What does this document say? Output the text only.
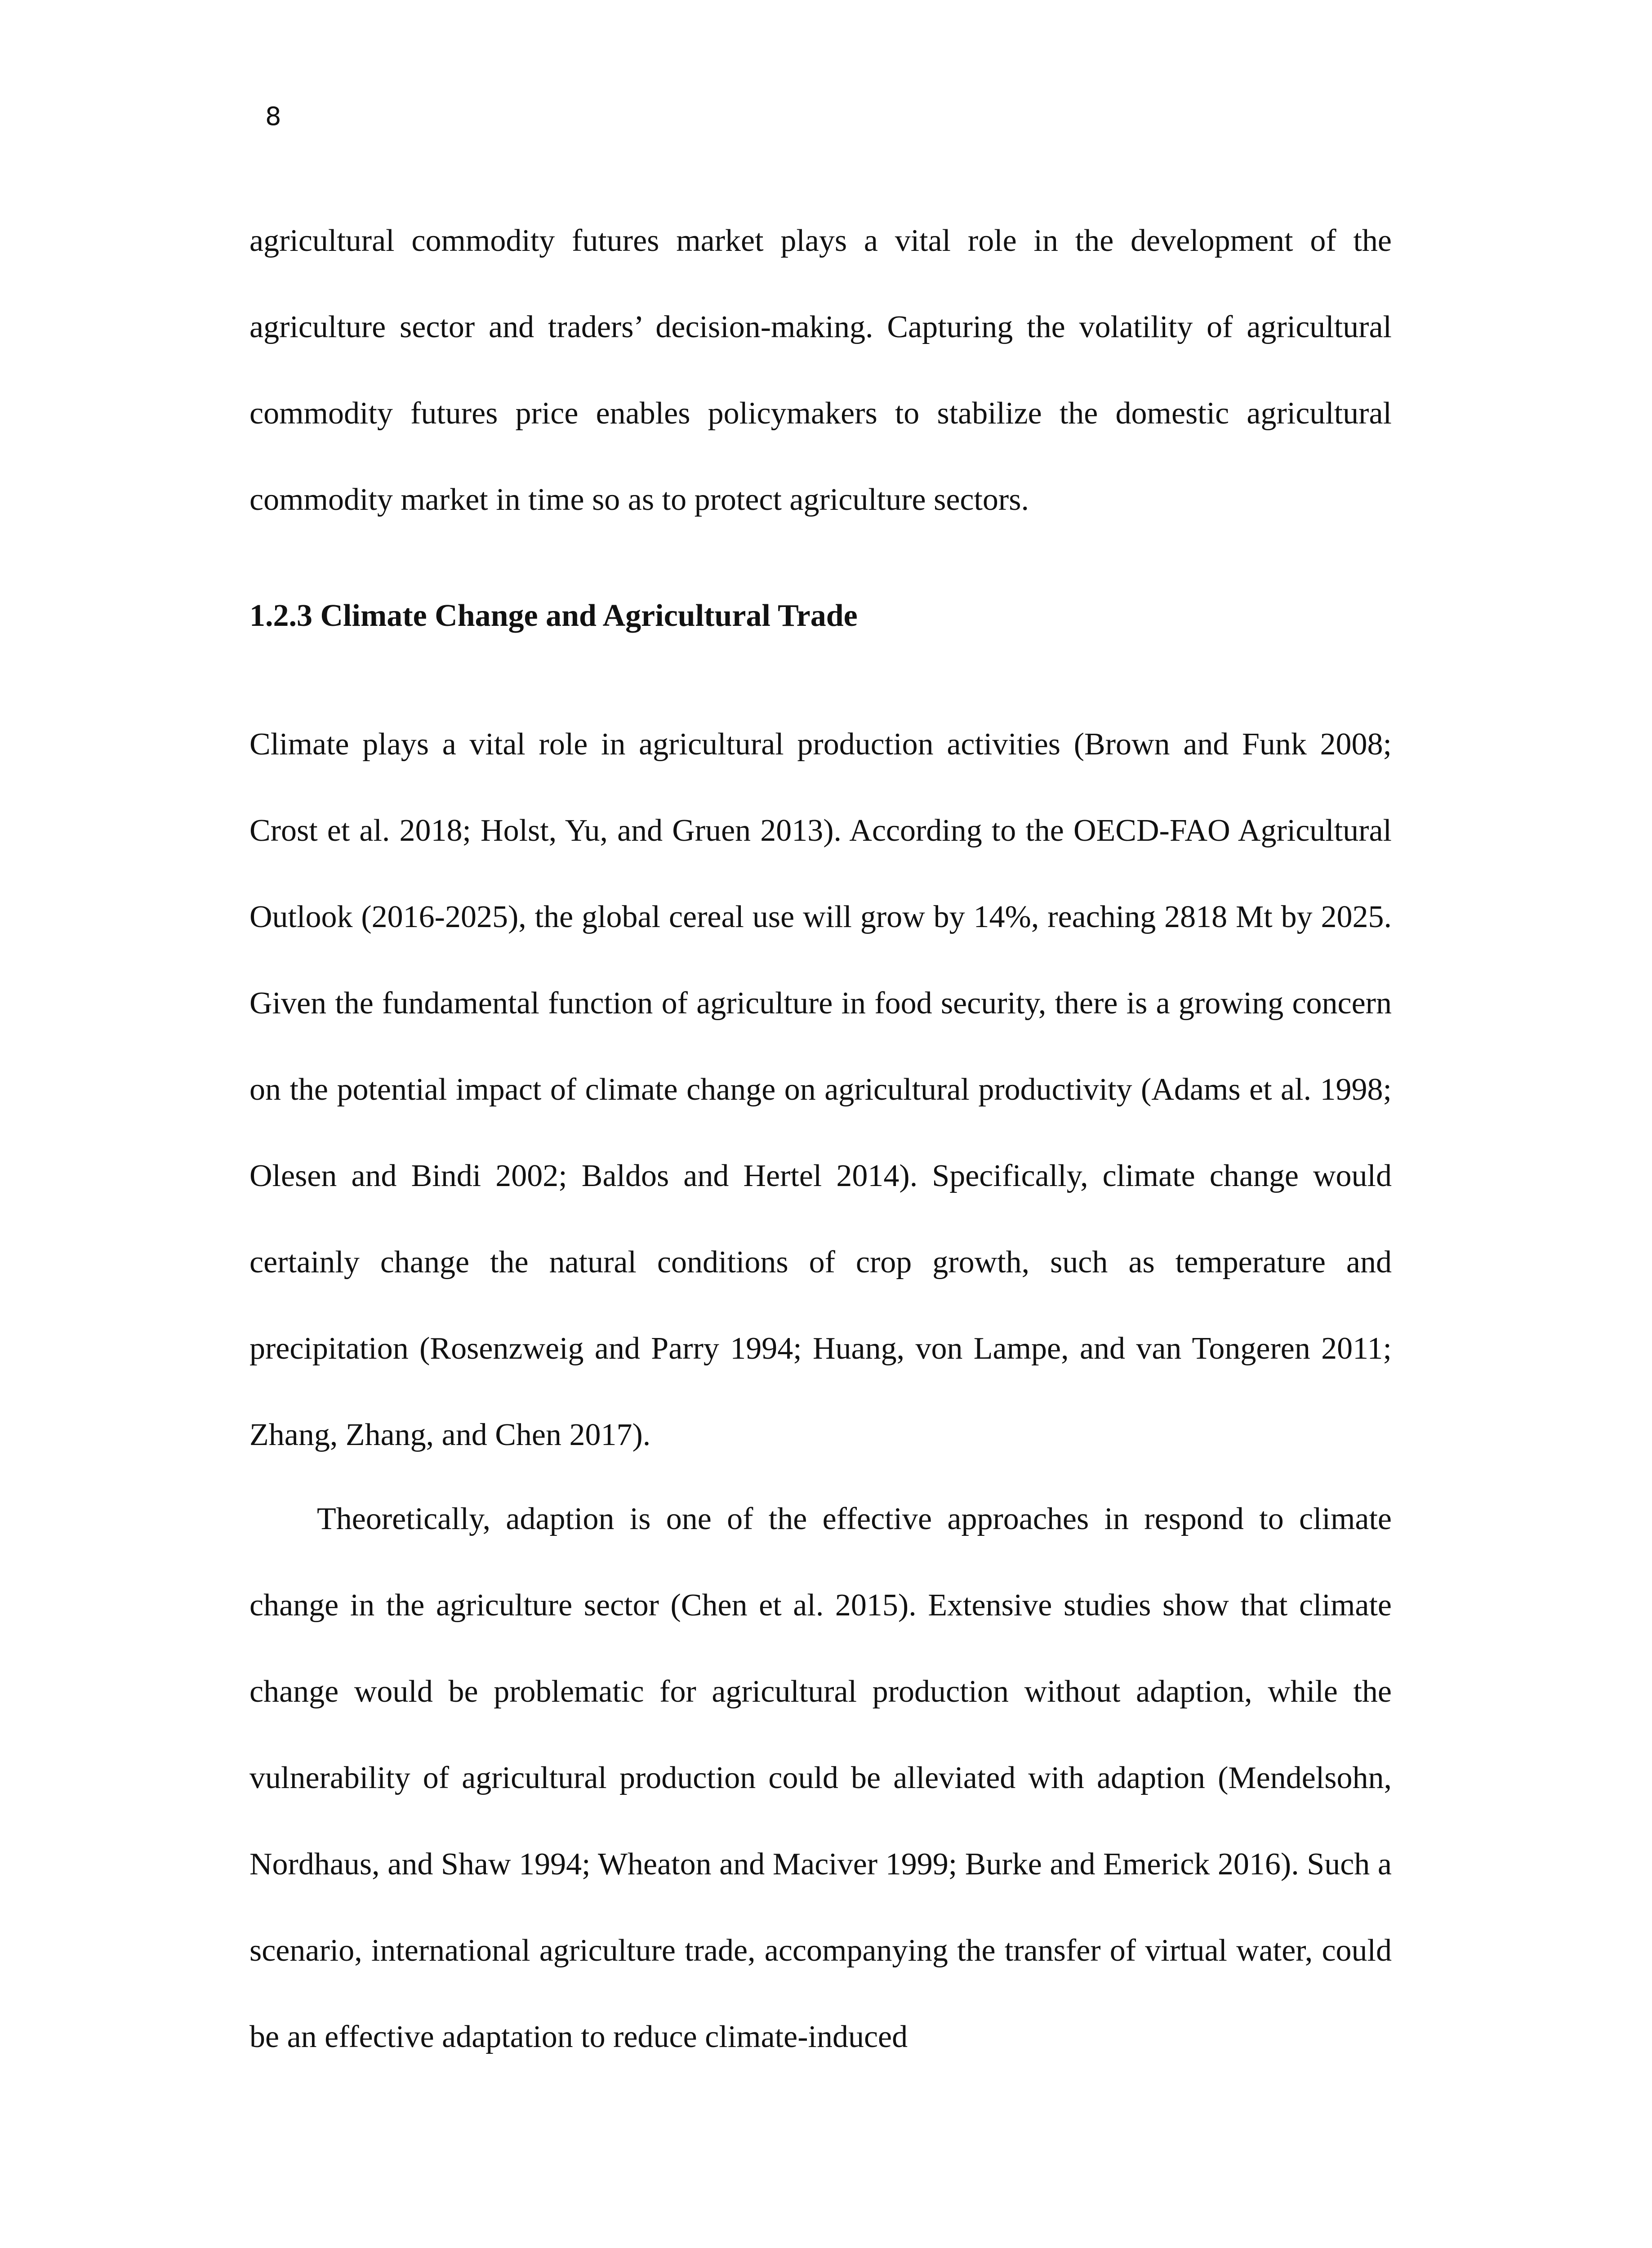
8

agricultural commodity futures market plays a vital role in the development of the agriculture sector and traders’ decision-making. Capturing the volatility of agricultural commodity futures price enables policymakers to stabilize the domestic agricultural commodity market in time so as to protect agriculture sectors.

1.2.3 Climate Change and Agricultural Trade

Climate plays a vital role in agricultural production activities (Brown and Funk 2008; Crost et al. 2018; Holst, Yu, and Gruen 2013). According to the OECD-FAO Agricultural Outlook (2016-2025), the global cereal use will grow by 14%, reaching 2818 Mt by 2025. Given the fundamental function of agriculture in food security, there is a growing concern on the potential impact of climate change on agricultural productivity (Adams et al. 1998; Olesen and Bindi 2002; Baldos and Hertel 2014). Specifically, climate change would certainly change the natural conditions of crop growth, such as temperature and precipitation (Rosenzweig and Parry 1994; Huang, von Lampe, and van Tongeren 2011; Zhang, Zhang, and Chen 2017).

Theoretically, adaption is one of the effective approaches in respond to climate change in the agriculture sector (Chen et al. 2015). Extensive studies show that climate change would be problematic for agricultural production without adaption, while the vulnerability of agricultural production could be alleviated with adaption (Mendelsohn, Nordhaus, and Shaw 1994; Wheaton and Maciver 1999; Burke and Emerick 2016). Such a scenario, international agriculture trade, accompanying the transfer of virtual water, could be an effective adaptation to reduce climate-induced
